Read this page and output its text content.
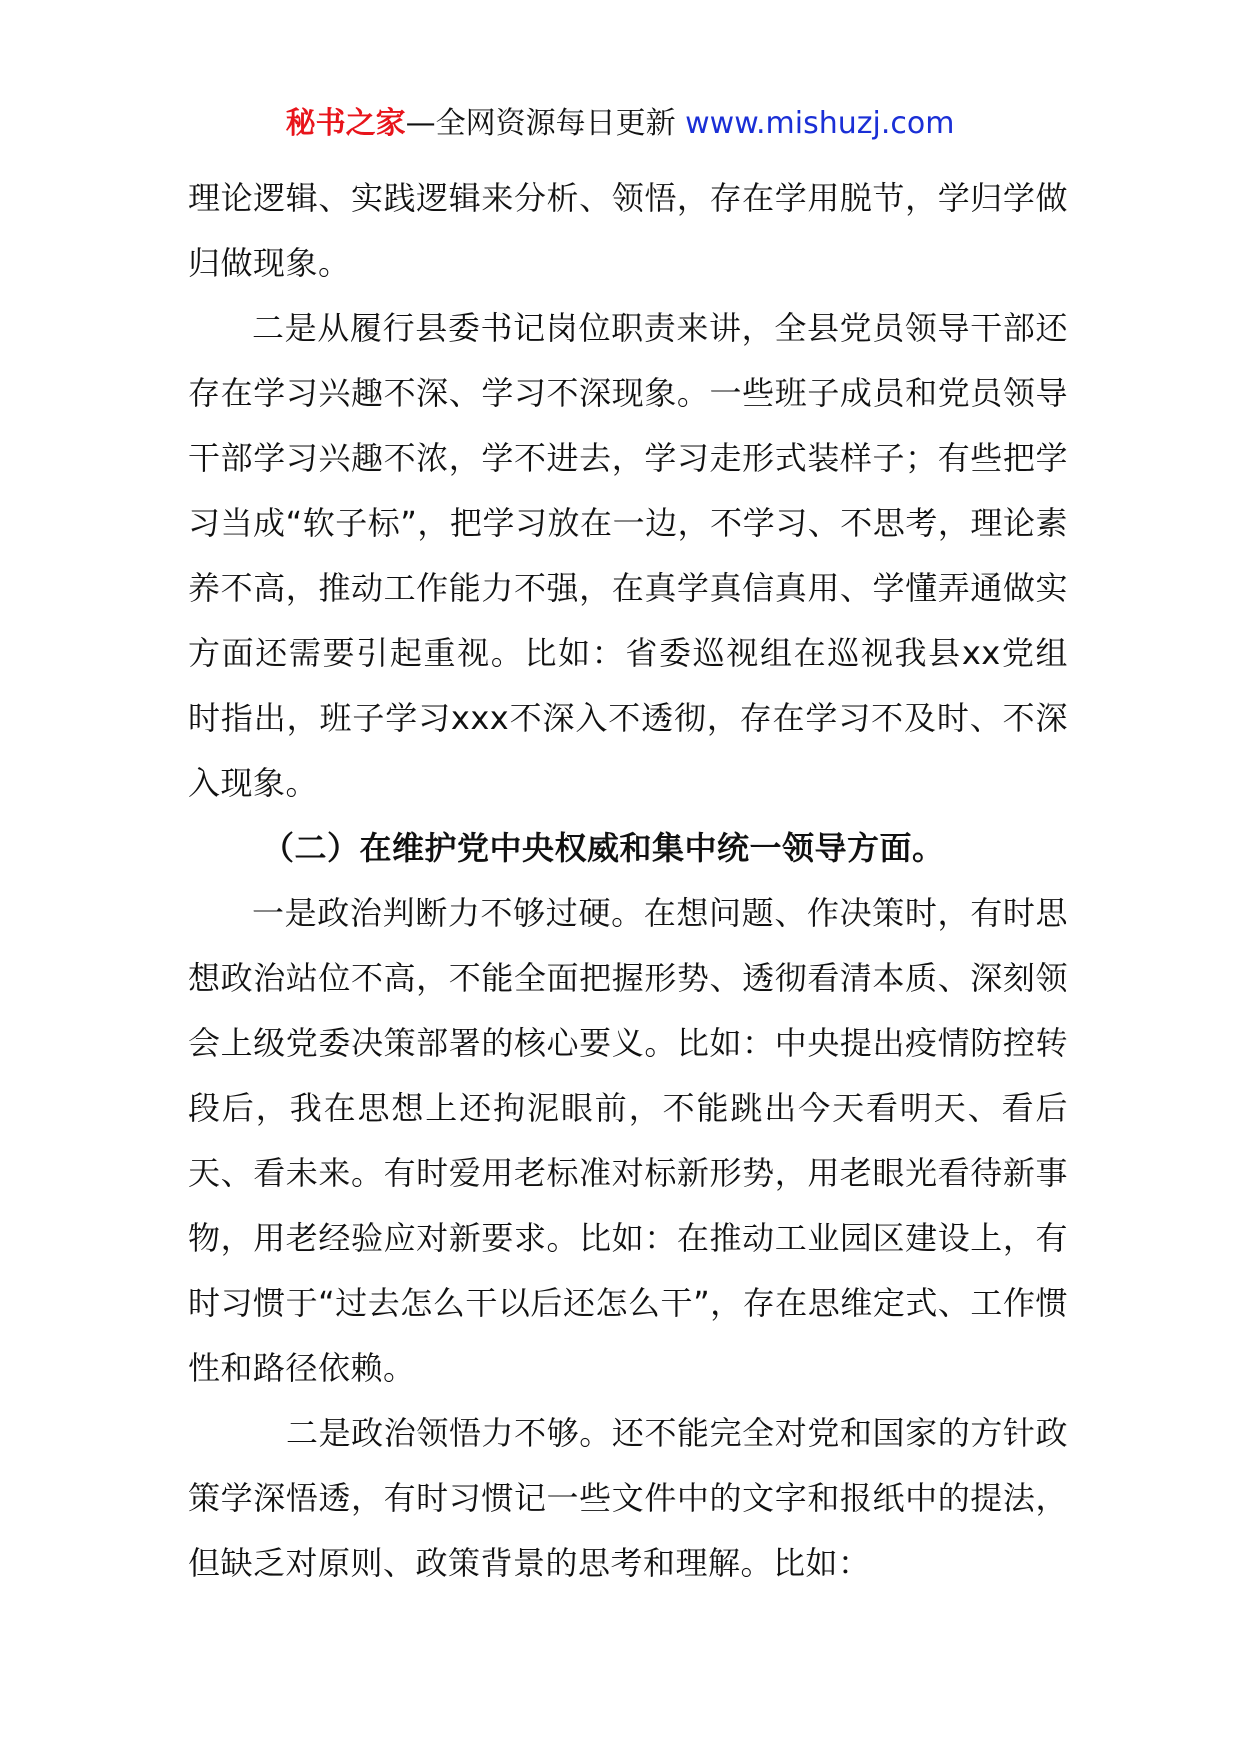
秘书之家—全网资源每日更新 www.mishuzj.com

理论逻辑、实践逻辑来分析、领悟，存在学用脱节，学归学做归做现象。

二是从履行县委书记岗位职责来讲，全县党员领导干部还存在学习兴趣不深、学习不深现象。一些班子成员和党员领导干部学习兴趣不浓，学不进去，学习走形式装样子；有些把学习当成“软子标”，把学习放在一边，不学习、不思考，理论素养不高，推动工作能力不强，在真学真信真用、学懂弄通做实方面还需要引起重视。比如：省委巡视组在巡视我县xx党组时指出，班子学习xxx不深入不透彻，存在学习不及时、不深入现象。

（二）在维护党中央权威和集中统一领导方面。

一是政治判断力不够过硬。在想问题、作决策时，有时思想政治站位不高，不能全面把握形势、透彻看清本质、深刻领会上级党委决策部署的核心要义。比如：中央提出疫情防控转段后，我在思想上还拘泥眼前，不能跳出今天看明天、看后天、看未来。有时爱用老标准对标新形势，用老眼光看待新事物，用老经验应对新要求。比如：在推动工业园区建设上，有时习惯于“过去怎么干以后还怎么干”，存在思维定式、工作惯性和路径依赖。

二是政治领悟力不够。还不能完全对党和国家的方针政策学深悟透，有时习惯记一些文件中的文字和报纸中的提法，但缺乏对原则、政策背景的思考和理解。比如：
